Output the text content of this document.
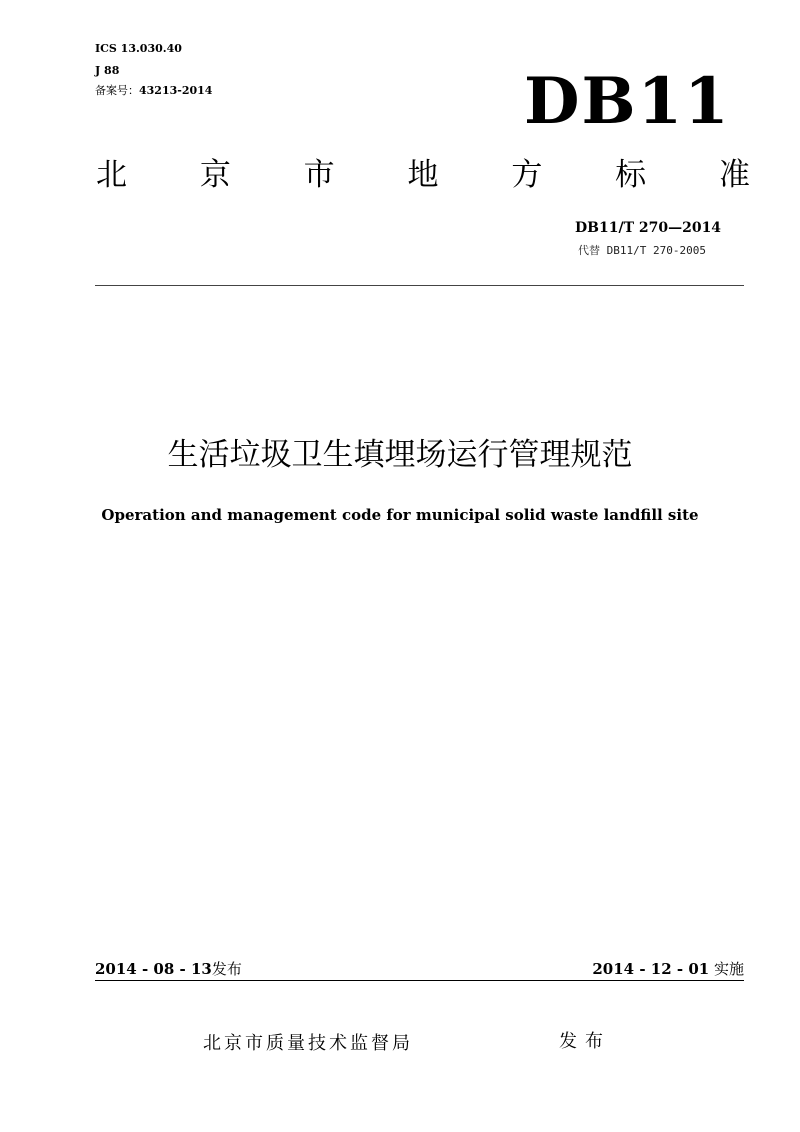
ICS 13.030.40
J 88
备案号：43213-2014	DB11
北 京 市 地 方 标 准
DB11/T 270—2014
代替 DB11/T 270-2005
生活垃圾卫生填埋场运行管理规范
Operation and management code for municipal solid waste landfill site
2014 - 08 - 13发布	2014 - 12 - 01 实施
北京市质量技术监督局	发布
